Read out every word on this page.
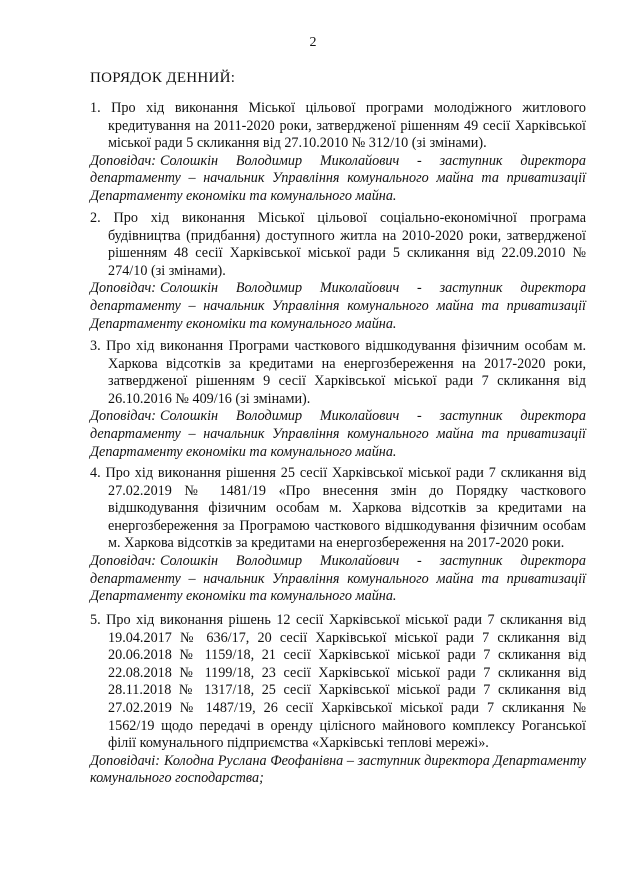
2
ПОРЯДОК ДЕННИЙ:
1. Про хід виконання Міської цільової програми молодіжного житлового кредитування на 2011-2020 роки, затвердженої рішенням 49 сесії Харківської міської ради 5 скликання від 27.10.2010 № 312/10 (зі змінами).
Доповідач: Солошкін Володимир Миколайович - заступник директора департаменту – начальник Управління комунального майна та приватизації Департаменту економіки та комунального майна.
2. Про хід виконання Міської цільової соціально-економічної програма будівництва (придбання) доступного житла на 2010-2020 роки, затвердженої рішенням 48 сесії Харківської міської ради 5 скликання від 22.09.2010 № 274/10 (зі змінами).
Доповідач: Солошкін Володимир Миколайович - заступник директора департаменту – начальник Управління комунального майна та приватизації Департаменту економіки та комунального майна.
3. Про хід виконання Програми часткового відшкодування фізичним особам м. Харкова відсотків за кредитами на енергозбереження на 2017-2020 роки, затвердженої рішенням 9 сесії Харківської міської ради 7 скликання від 26.10.2016 № 409/16 (зі змінами).
Доповідач: Солошкін Володимир Миколайович - заступник директора департаменту – начальник Управління комунального майна та приватизації Департаменту економіки та комунального майна.
4. Про хід виконання рішення 25 сесії Харківської міської ради 7 скликання від 27.02.2019 № 1481/19 «Про внесення змін до Порядку часткового відшкодування фізичним особам м. Харкова відсотків за кредитами на енергозбереження за Програмою часткового відшкодування фізичним особам м. Харкова відсотків за кредитами на енергозбереження на 2017-2020 роки.
Доповідач: Солошкін Володимир Миколайович - заступник директора департаменту – начальник Управління комунального майна та приватизації Департаменту економіки та комунального майна.
5. Про хід виконання рішень 12 сесії Харківської міської ради 7 скликання від 19.04.2017 № 636/17, 20 сесії Харківської міської ради 7 скликання від 20.06.2018 № 1159/18, 21 сесії Харківської міської ради 7 скликання від 22.08.2018 № 1199/18, 23 сесії Харківської міської ради 7 скликання від 28.11.2018 № 1317/18, 25 сесії Харківської міської ради 7 скликання від 27.02.2019 № 1487/19, 26 сесії Харківської міської ради 7 скликання № 1562/19 щодо передачі в оренду цілісного майнового комплексу Роганської філії комунального підприємства «Харківські теплові мережі».
Доповідачі: Колодна Руслана Феофанівна – заступник директора Департаменту комунального господарства;
